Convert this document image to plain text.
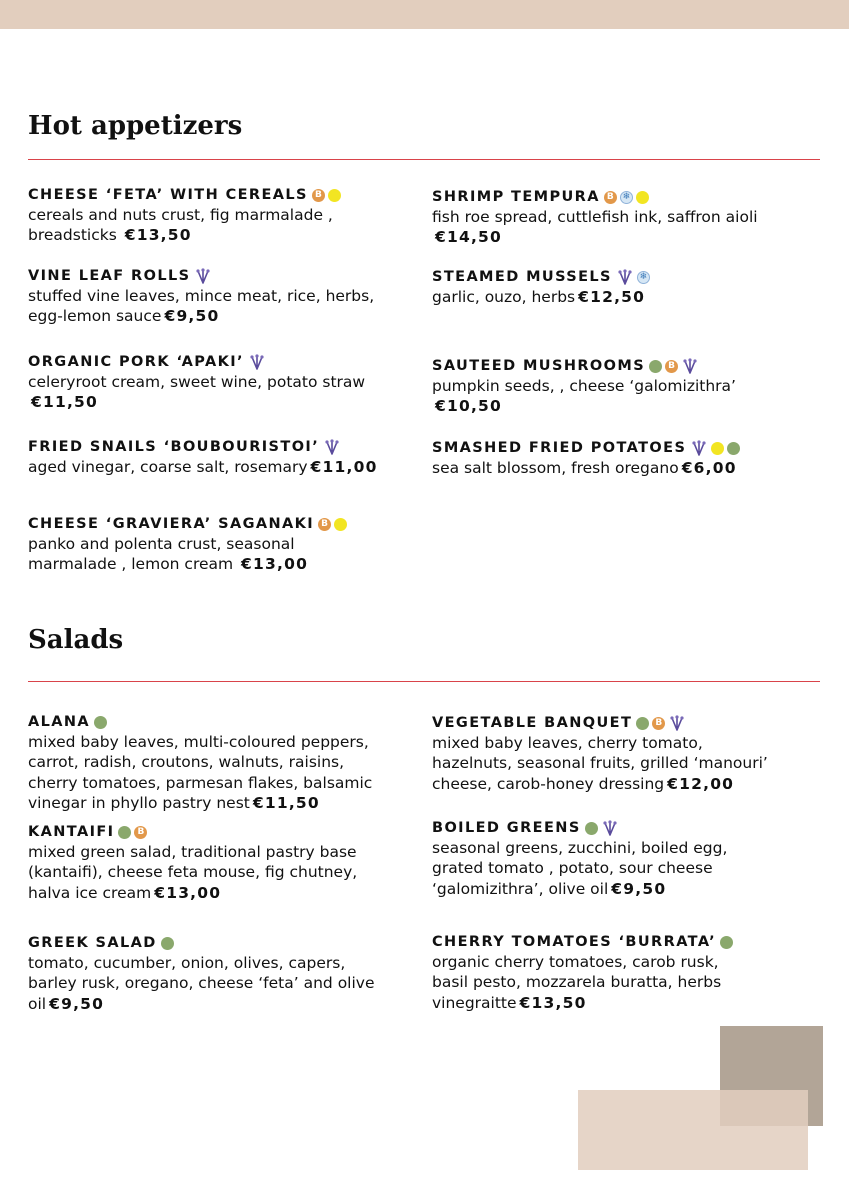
Hot appetizers
Salads
CHEESE ‘FETA’ WITH CEREALS B
cereals and nuts crust, fig marmalade ,
breadsticks €13,50
VINE LEAF ROLLS
stuffed vine leaves, mince meat, rice, herbs,
egg-lemon sauce €9,50
ORGANIC PORK ‘APAKI’
celeryroot cream, sweet wine, potato straw
€11,50
FRIED SNAILS ‘BOUBOURISTOI’
aged vinegar, coarse salt, rosemary €11,00
CHEESE ‘GRAVIERA’ SAGANAKI B
panko and polenta crust, seasonal
marmalade , lemon cream €13,00
SHRIMP TEMPURA B ❄
fish roe spread, cuttlefish ink, saffron aioli
€14,50
STEAMED MUSSELS	❄
garlic, ouzo, herbs €12,50
SAUTEED MUSHROOMS	B
pumpkin seeds, , cheese ‘galomizithra’
€10,50
SMASHED FRIED POTATOES
sea salt blossom, fresh oregano €6,00
ALANA
mixed baby leaves, multi-coloured peppers,
carrot, radish, croutons, walnuts, raisins,
cherry tomatoes, parmesan flakes, balsamic
vinegar in phyllo pastry nest €11,50
KANTAIFI	B
mixed green salad, traditional pastry base
(kantaifi), cheese feta mouse, fig chutney,
halva ice cream €13,00
GREEK SALAD
tomato, cucumber, onion, olives, capers,
barley rusk, oregano, cheese ‘feta’ and olive
oil €9,50
VEGETABLE BANQUET	B
mixed baby leaves, cherry tomato,
hazelnuts, seasonal fruits, grilled ‘manouri’
cheese, carob-honey dressing €12,00
BOILED GREENS
seasonal greens, zucchini, boiled egg,
grated tomato , potato, sour cheese
‘galomizithra’, olive oil €9,50
CHERRY TOMATOES ‘BURRATA’
organic cherry tomatoes, carob rusk,
basil pesto, mozzarela buratta, herbs
vinegraitte €13,50
